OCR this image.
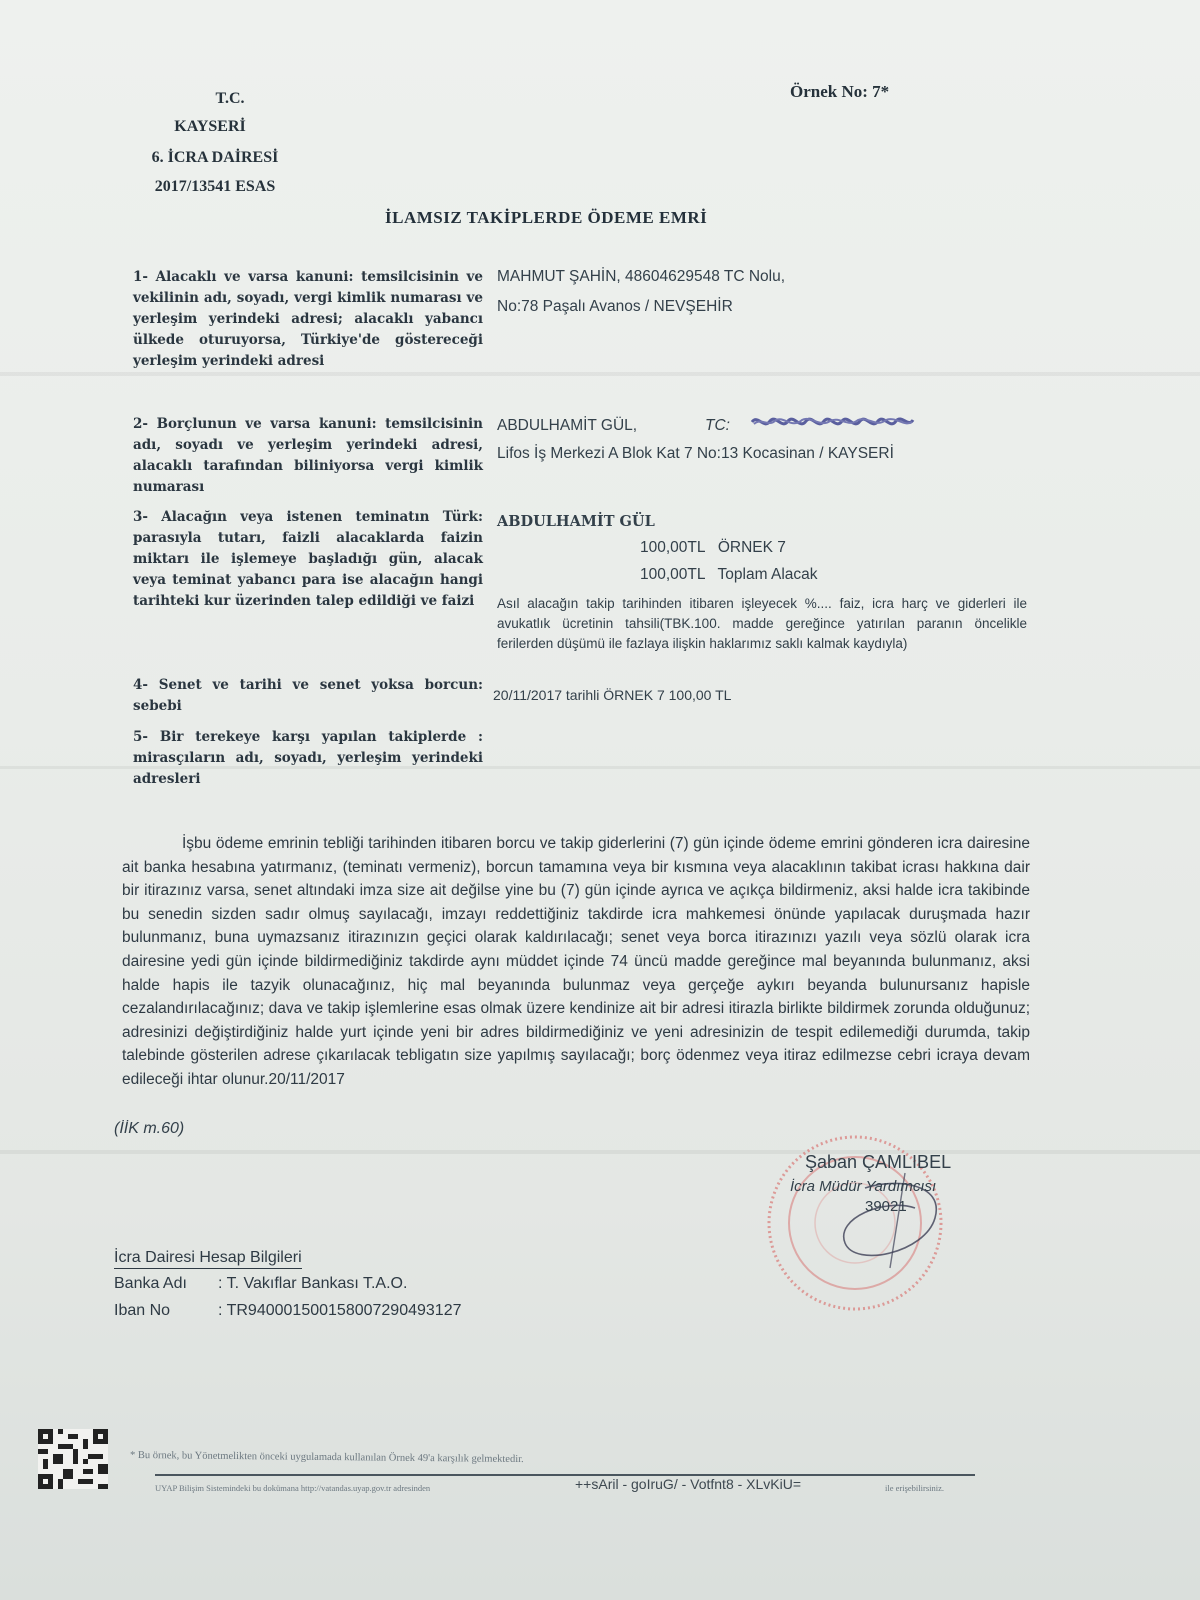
T.C.
KAYSERİ
6. İCRA DAİRESİ
2017/13541 ESAS
Örnek No: 7*
İLAMSIZ TAKİPLERDE ÖDEME EMRİ
1- Alacaklı ve varsa kanuni: temsilcisinin ve vekilinin adı, soyadı, vergi kimlik numarası ve yerleşim yerindeki adresi; alacaklı yabancı ülkede oturuyorsa, Türkiye'de göstereceği yerleşim yerindeki adresi
MAHMUT ŞAHİN, 48604629548 TC Nolu,
No:78 Paşalı Avanos / NEVŞEHİR
2- Borçlunun ve varsa kanuni: temsilcisinin adı, soyadı ve yerleşim yerindeki adresi, alacaklı tarafından biliniyorsa vergi kimlik numarası
ABDULHAMİT GÜL,	TC:
Lifos İş Merkezi A Blok Kat 7 No:13 Kocasinan / KAYSERİ
3- Alacağın veya istenen teminatın Türk: parasıyla tutarı, faizli alacaklarda faizin miktarı ile işlemeye başladığı gün, alacak veya teminat yabancı para ise alacağın hangi tarihteki kur üzerinden talep edildiği ve faizi
ABDULHAMİT GÜL
100,00TL   ÖRNEK 7
100,00TL   Toplam Alacak
Asıl alacağın takip tarihinden itibaren işleyecek %.... faiz, icra harç ve giderleri ile avukatlık ücretinin tahsili(TBK.100. madde gereğince yatırılan paranın öncelikle ferilerden düşümü ile fazlaya ilişkin haklarımız saklı kalmak kaydıyla)
4- Senet ve tarihi ve senet yoksa borcun: sebebi
20/11/2017 tarihli ÖRNEK 7 100,00 TL
5- Bir terekeye karşı yapılan takiplerde : mirasçıların adı, soyadı, yerleşim yerindeki adresleri
İşbu ödeme emrinin tebliği tarihinden itibaren borcu ve takip giderlerini (7) gün içinde ödeme emrini gönderen icra dairesine ait banka hesabına yatırmanız, (teminatı vermeniz), borcun tamamına veya bir kısmına veya alacaklının takibat icrası hakkına dair bir itirazınız varsa, senet altındaki imza size ait değilse yine bu (7) gün içinde ayrıca ve açıkça bildirmeniz, aksi halde icra takibinde bu senedin sizden sadır olmuş sayılacağı, imzayı reddettiğiniz takdirde icra mahkemesi önünde yapılacak duruşmada hazır bulunmanız, buna uymazsanız itirazınızın geçici olarak kaldırılacağı; senet veya borca itirazınızı yazılı veya sözlü olarak icra dairesine yedi gün içinde bildirmediğiniz takdirde aynı müddet içinde 74 üncü madde gereğince mal beyanında bulunmanız, aksi halde hapis ile tazyik olunacağınız, hiç mal beyanında bulunmaz veya gerçeğe aykırı beyanda bulunursanız hapisle cezalandırılacağınız; dava ve takip işlemlerine esas olmak üzere kendinize ait bir adresi itirazla birlikte bildirmek zorunda olduğunuz; adresinizi değiştirdiğiniz halde yurt içinde yeni bir adres bildirmediğiniz ve yeni adresinizin de tespit edilemediği durumda, takip talebinde gösterilen adrese çıkarılacak tebligatın size yapılmış sayılacağı; borç ödenmez veya itiraz edilmezse cebri icraya devam edileceği ihtar olunur.20/11/2017
(İİK m.60)
Şaban ÇAMLIBEL
İcra Müdür Yardımcısı
39021
İcra Dairesi Hesap Bilgileri
Banka Adı : T. Vakıflar Bankası T.A.O.
Iban No	: TR940001500158007290493127
* Bu örnek, bu Yönetmelikten önceki uygulamada kullanılan Örnek 49'a karşılık gelmektedir.
UYAP Bilişim Sistemindeki bu dokümana http://vatandas.uyap.gov.tr adresinden	++sAril - goIruG/ - Votfnt8 - XLvKiU=	ile erişebilirsiniz.
